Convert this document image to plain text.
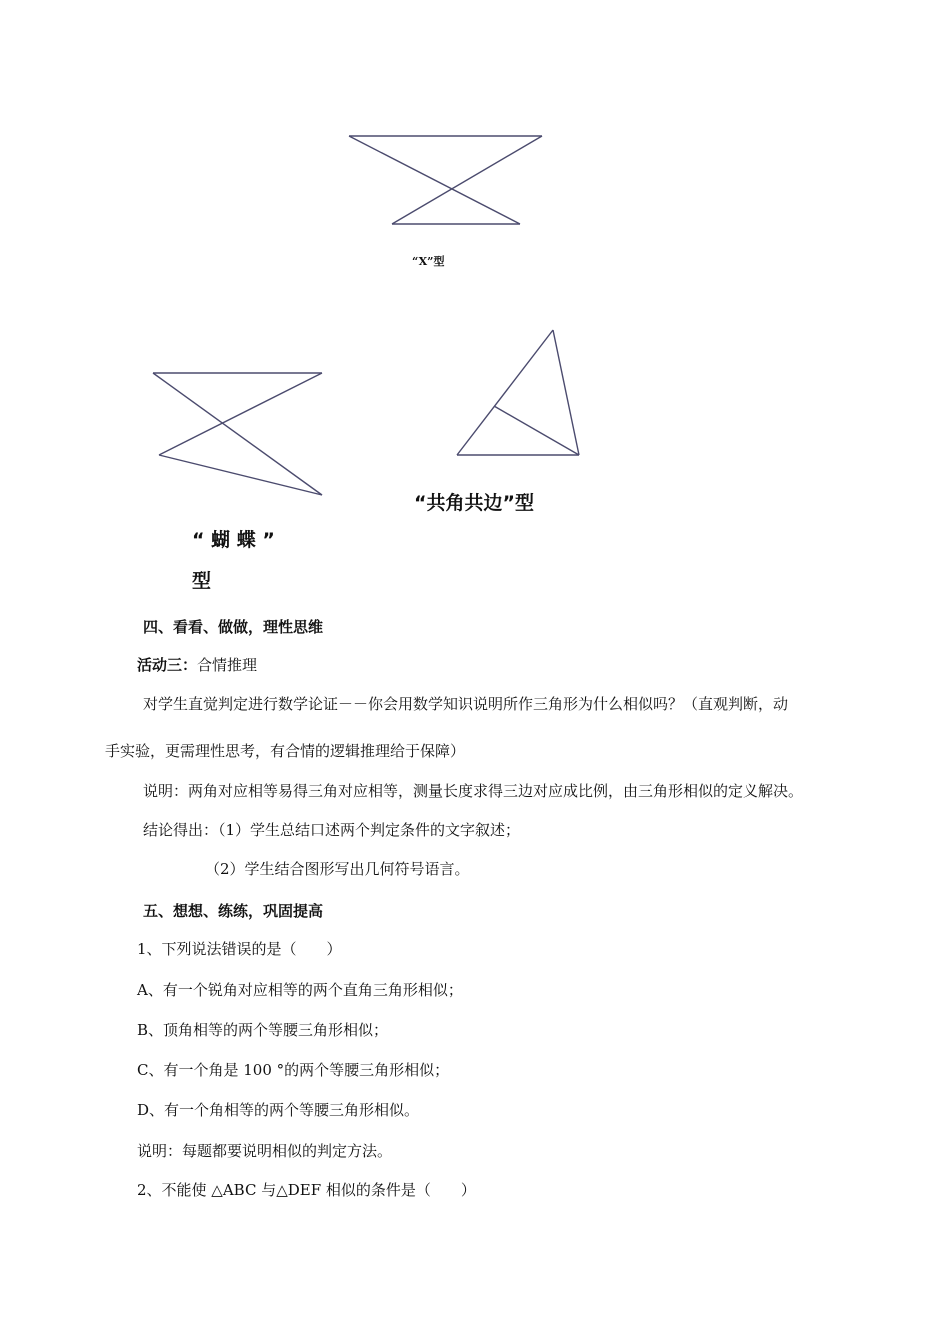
“X”型
“共角共边”型
“ 蝴 蝶 ”
型
四、看看、做做，理性思维
活动三：合情推理
对学生直觉判定进行数学论证－－你会用数学知识说明所作三角形为什么相似吗？（直观判断，动
手实验，更需理性思考，有合情的逻辑推理给于保障）
说明：两角对应相等易得三角对应相等，测量长度求得三边对应成比例，由三角形相似的定义解决。
结论得出：（1）学生总结口述两个判定条件的文字叙述；
（2）学生结合图形写出几何符号语言。
五、想想、练练，巩固提高
1、下列说法错误的是（　　）
A、有一个锐角对应相等的两个直角三角形相似；
B、顶角相等的两个等腰三角形相似；
C、有一个角是 100 °的两个等腰三角形相似；
D、有一个角相等的两个等腰三角形相似。
说明：每题都要说明相似的判定方法。
2、不能使 △ABC 与△DEF 相似的条件是（　　）
